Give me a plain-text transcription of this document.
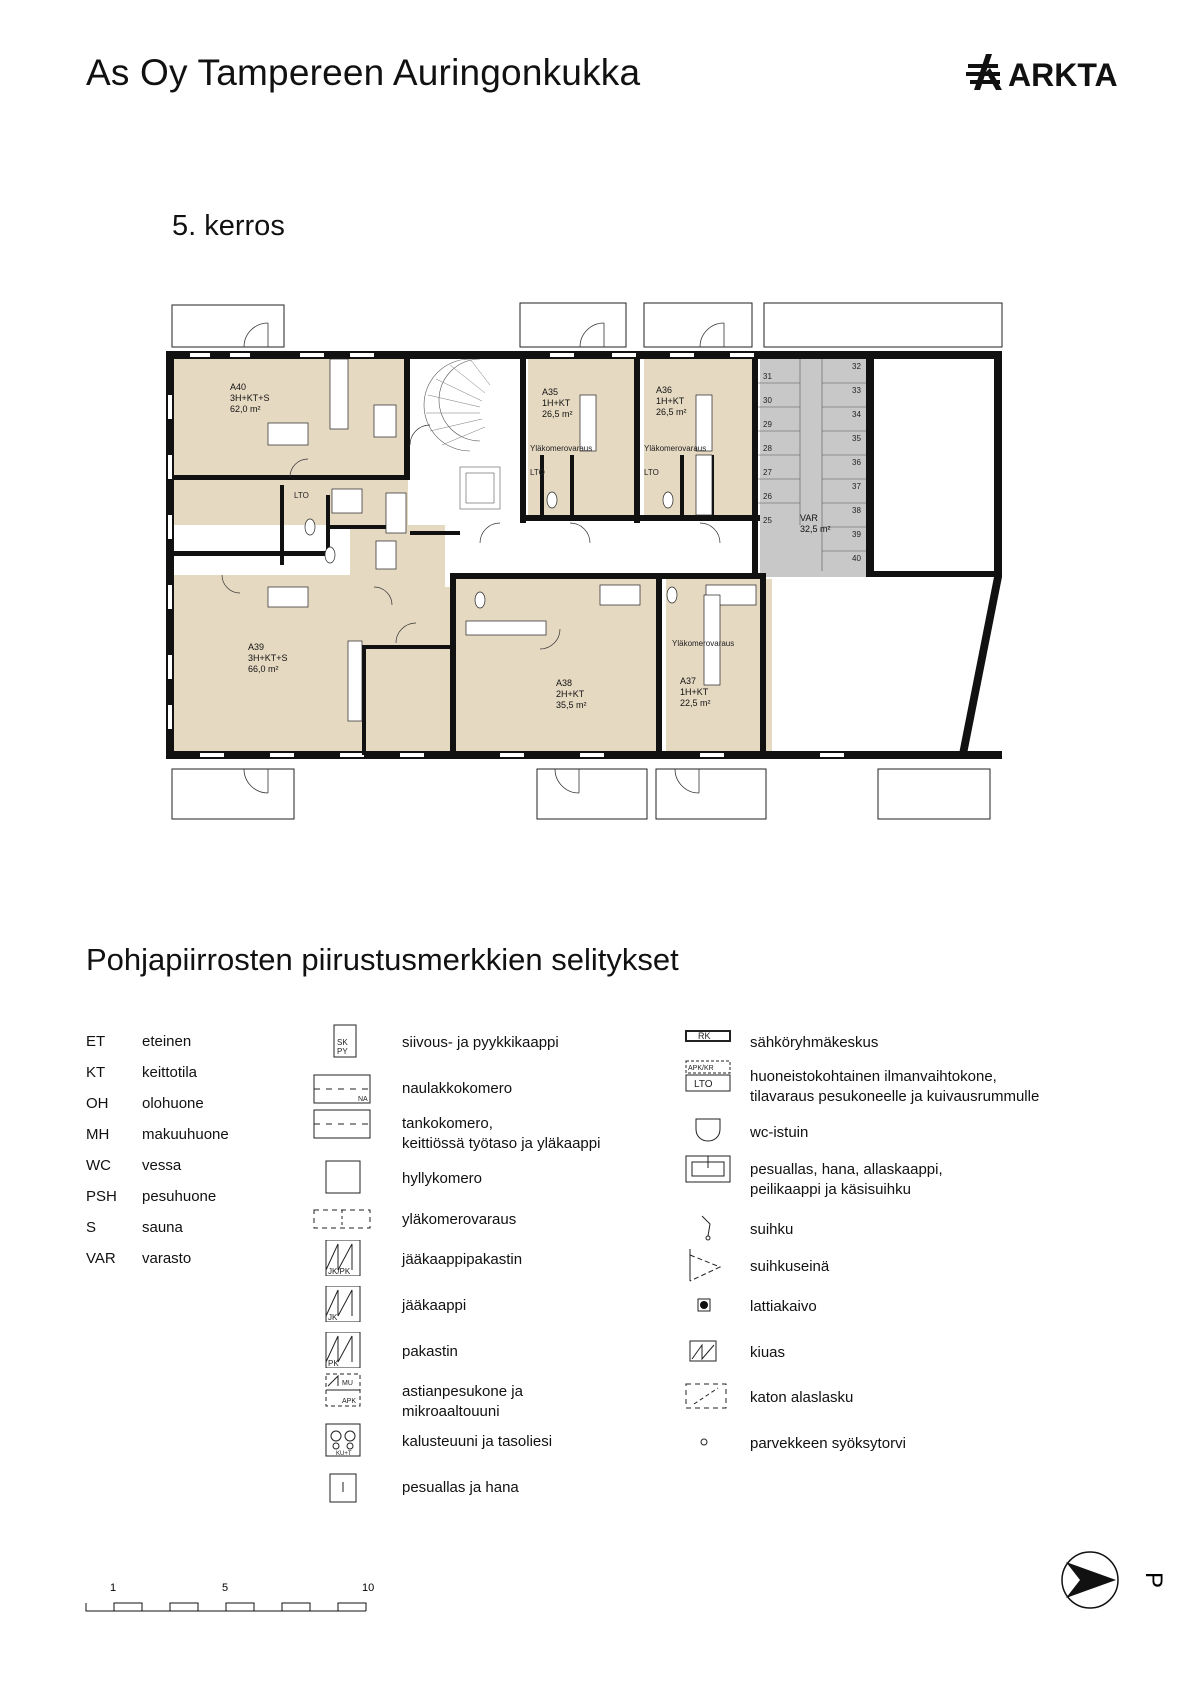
As Oy Tampereen Auringonkukka	ARKTA
5. kerros
A40
3H+KT+S
62,0 m²
A39
3H+KT+S
66,0 m²
A35
1H+KT
26,5 m²
A36
1H+KT
26,5 m²
A38
2H+KT
35,5 m²
A37
1H+KT
22,5 m²
VAR
32,5 m²
LTO
LTO	LTO
Yläkomerovaraus	Yläkomerovaraus
Yläkomerovaraus
31
30
29
28
27
26
25
32
33
34
35
36
37
38
39
40
Pohjapiirrosten piirustusmerkkien selitykset
ET eteinen
KT keittotila
OH olohuone
MH makuuhuone
WC vessa
PSH pesuhuone
S	sauna
VAR varasto
SK
PY
siivous- ja pyykkikaappi
NA
naulakkokomero
tankokomero,
keittiössä työtaso ja yläkaappi
hyllykomero
yläkomerovaraus
JK/PK
jääkaappipakastin
JK
jääkaappi
PK
pakastin
MU
APK
astianpesukone ja
mikroaaltouuni
KU+T
kalusteuuni ja tasoliesi
pesuallas ja hana
RK	sähköryhmäkeskus
APK/KR
LTO huoneistokohtainen ilmanvaihtokone,
tilavaraus pesukoneelle ja kuivausrummulle
wc-istuin
pesuallas, hana, allaskaappi,
peilikaappi ja käsisuihku
suihku
suihkuseinä
lattiakaivo
kiuas
katon alaslasku
parvekkeen syöksytorvi
1	5	10	P
